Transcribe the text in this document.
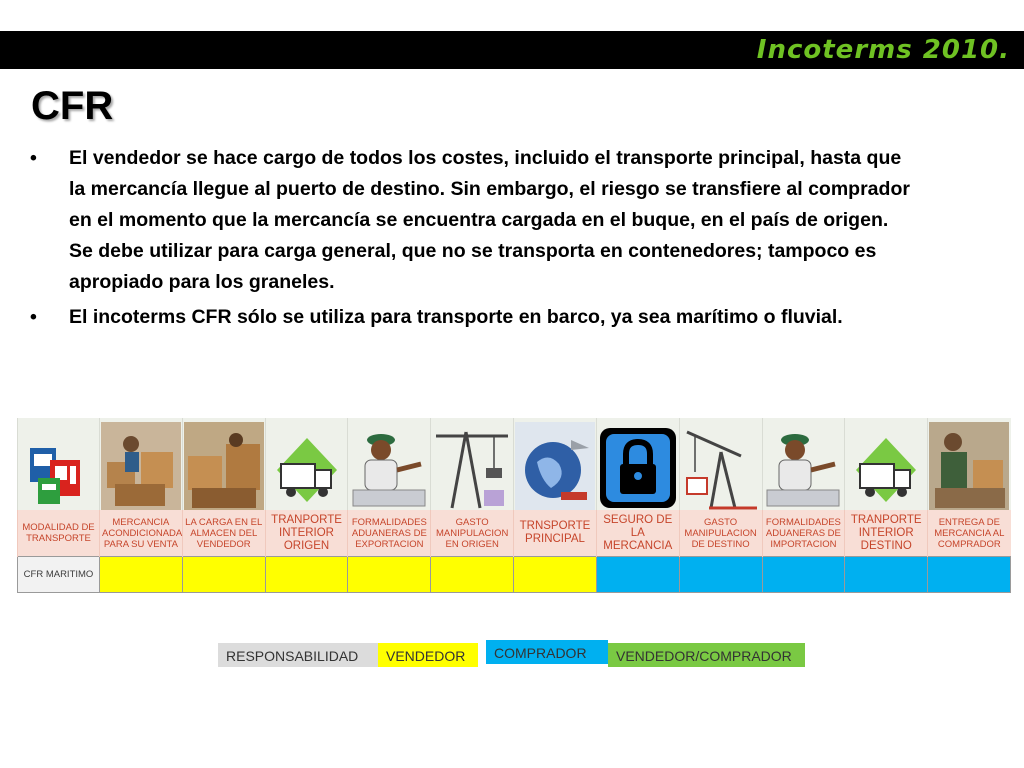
Incoterms 2010.
CFR
• El vendedor se hace cargo de todos los costes, incluido el transporte principal, hasta que la mercancía llegue al puerto de destino. Sin embargo, el riesgo se transfiere al comprador en el momento que la mercancía se encuentra cargada en el buque, en el país de origen. Se debe utilizar para carga general, que no se transporta en contenedores; tampoco es apropiado para los graneles.
• El incoterms CFR sólo se utiliza para transporte en barco, ya sea marítimo o fluvial.

MODALIDAD DE TRANSPORTE	MERCANCIA ACONDICIONADA PARA SU VENTA	LA CARGA EN EL ALMACEN DEL VENDEDOR	TRANPORTE INTERIOR ORIGEN	FORMALIDADES ADUANERAS DE EXPORTACION	GASTO MANIPULACION EN ORIGEN	TRNSPORTE PRINCIPAL	SEGURO DE LA MERCANCIA	GASTO MANIPULACION DE DESTINO	FORMALIDADES ADUANERAS DE IMPORTACION	TRANPORTE INTERIOR DESTINO	ENTREGA DE MERCANCIA AL COMPRADOR
CFR MARITIMO											
RESPONSABILIDAD	VENDEDOR	COMPRADOR	VENDEDOR/COMPRADOR
